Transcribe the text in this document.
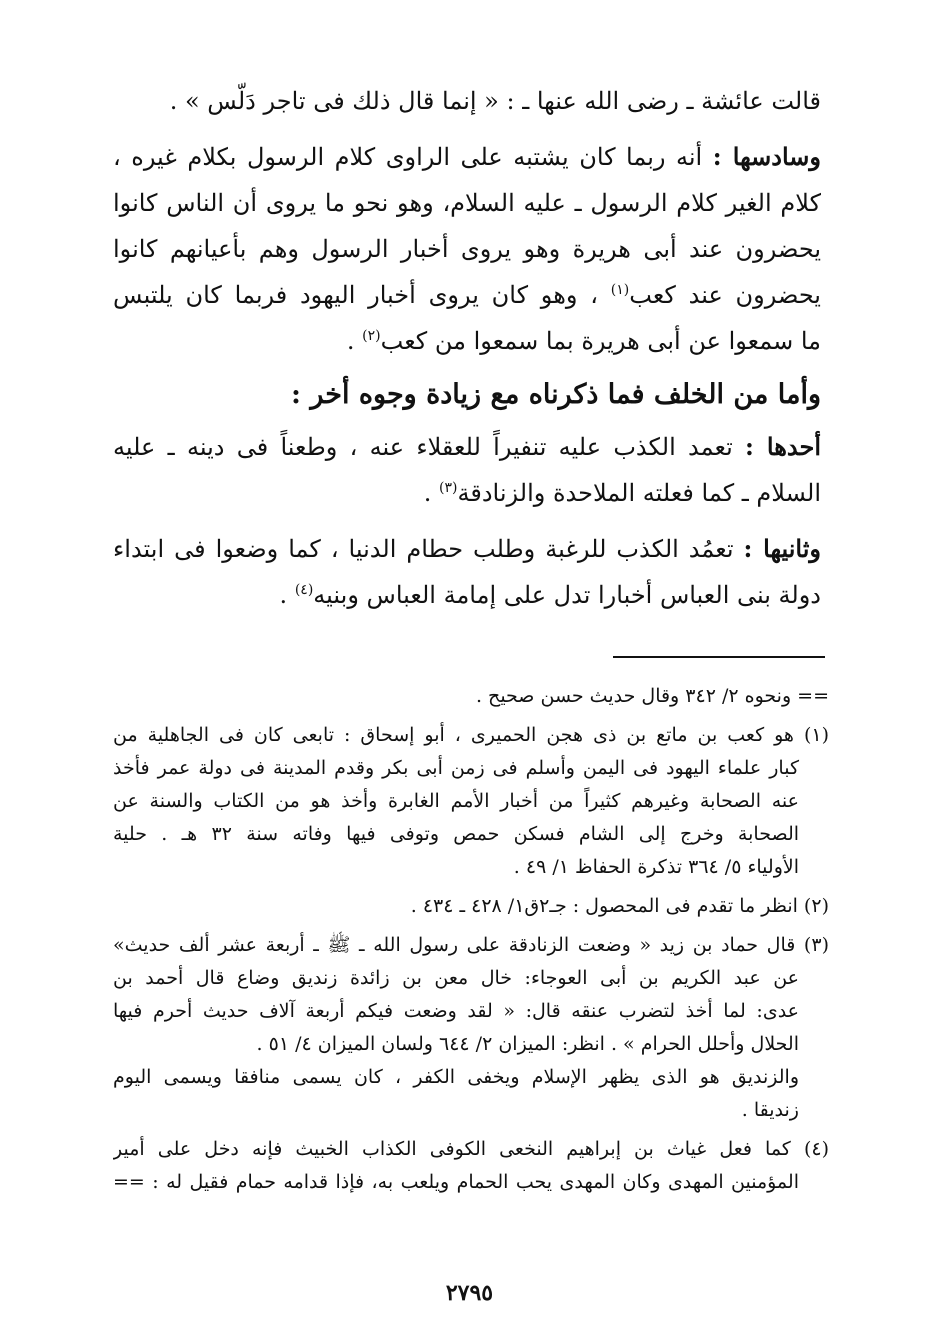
قالت عائشة ـ رضى الله عنها ـ : « إنما قال ذلك فى تاجر دَلّس » .
وسادسها : أنه ربما كان يشتبه على الراوى كلام الرسول بكلام غيره ،
كلام الغير كلام الرسول ـ عليه السلام، وهو نحو ما يروى أن الناس كانوا
يحضرون عند أبى هريرة وهو يروى أخبار الرسول وهم بأعيانهم كانوا
يحضرون عند كعب$^{(١)}$ ، وهو كان يروى أخبار اليهود فربما كان يلتبس
ما سمعوا عن أبى هريرة بما سمعوا من كعب$^{(٢)}$ .
وأما من الخلف فما ذكرناه مع زيادة وجوه أخر :
أحدها : تعمد الكذب عليه تنفيراً للعقلاء عنه ، وطعناً فى دينه ـ عليه
السلام ـ كما فعلته الملاحدة والزنادقة$^{(٣)}$ .
وثانيها : تعمُد الكذب للرغبة وطلب حطام الدنيا ، كما وضعوا فى ابتداء
دولة بنى العباس أخبارا تدل على إمامة العباس وبنيه$^{(٤)}$ .
== ونحوه ٢/ ٣٤٢ وقال حديث حسن صحيح .
(١) هو كعب بن ماتع بن ذى هجن الحميرى ، أبو إسحاق : تابعى كان فى الجاهلية من
كبار علماء اليهود فى اليمن وأسلم فى زمن أبى بكر وقدم المدينة فى دولة عمر فأخذ
عنه الصحابة وغيرهم كثيراً من أخبار الأمم الغابرة وأخذ هو من الكتاب والسنة عن
الصحابة وخرج إلى الشام فسكن حمص وتوفى فيها وفاته سنة ٣٢ هـ . حلية
الأولياء ٥/ ٣٦٤ تذكرة الحفاظ ١/ ٤٩ .
(٢) انظر ما تقدم فى المحصول : جـ٢ق١/ ٤٢٨ ـ ٤٣٤ .
(٣) قال حماد بن زيد « وضعت الزنادقة على رسول الله ـ ﷺ ـ أربعة عشر ألف حديث»
عن عبد الكريم بن أبى العوجاء: خال معن بن زائدة زنديق وضاع قال أحمد بن
عدى: لما أخذ لتضرب عنقه قال: « لقد وضعت فيكم أربعة آلاف حديث أحرم فيها
الحلال وأحلل الحرام » . انظر: الميزان ٢/ ٦٤٤ ولسان الميزان ٤/ ٥١ .
والزنديق هو الذى يظهر الإسلام ويخفى الكفر ، كان يسمى منافقا ويسمى اليوم
زنديقا .
(٤) كما فعل غياث بن إبراهيم النخعى الكوفى الكذاب الخبيث فإنه دخل على أمير
المؤمنين المهدى وكان المهدى يحب الحمام ويلعب به، فإذا قدامه حمام فقيل له : ==
٢٧٩٥
